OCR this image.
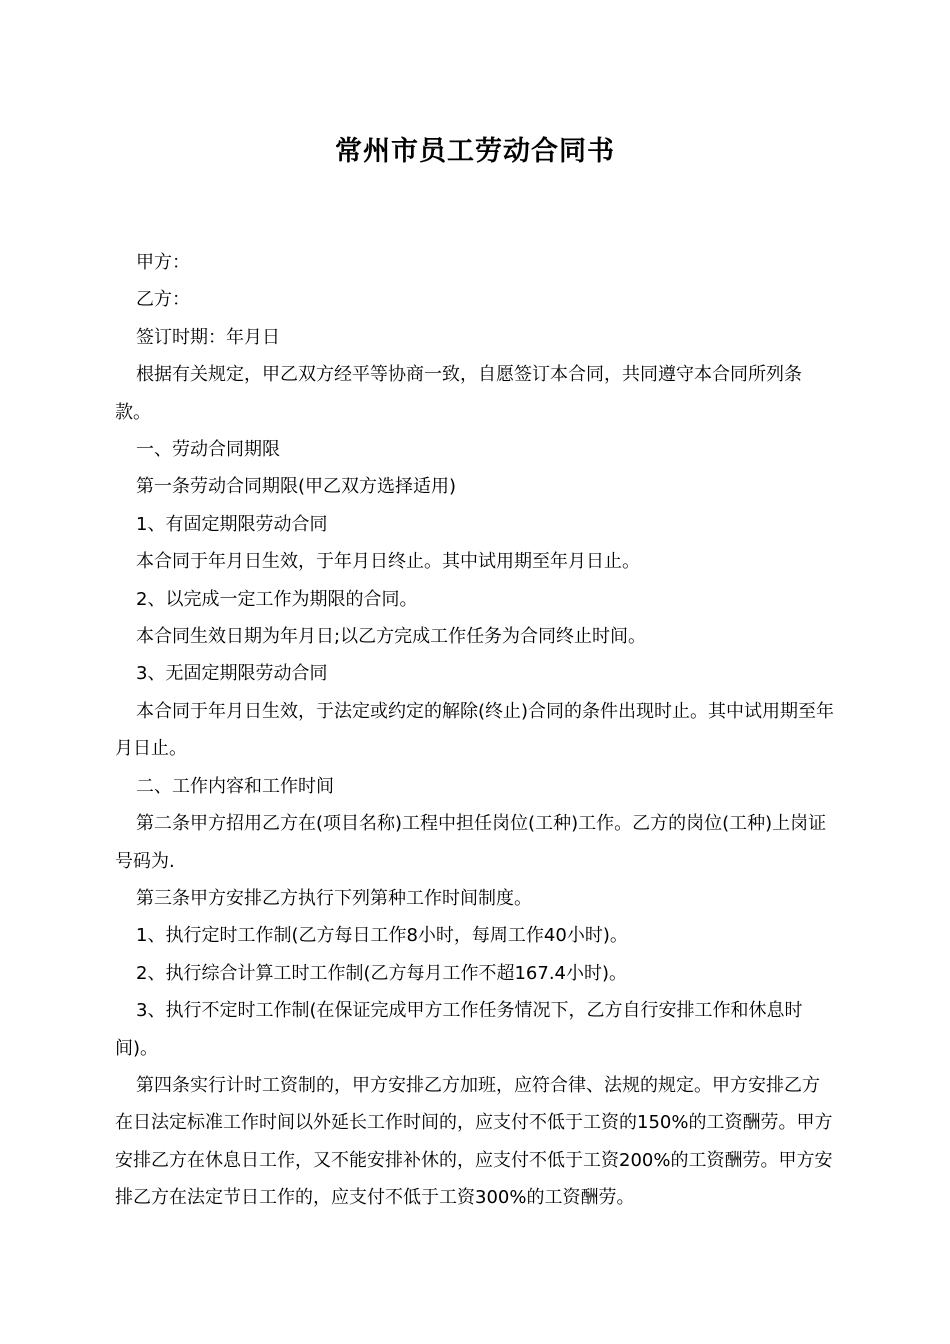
常州市员工劳动合同书

甲方：

乙方：

签订时期：年月日

根据有关规定，甲乙双方经平等协商一致，自愿签订本合同，共同遵守本合同所列条款。

一、劳动合同期限

第一条劳动合同期限(甲乙双方选择适用)

1、有固定期限劳动合同

本合同于年月日生效，于年月日终止。其中试用期至年月日止。

2、以完成一定工作为期限的合同。

本合同生效日期为年月日;以乙方完成工作任务为合同终止时间。

3、无固定期限劳动合同

本合同于年月日生效，于法定或约定的解除(终止)合同的条件出现时止。其中试用期至年月日止。

二、工作内容和工作时间

第二条甲方招用乙方在(项目名称)工程中担任岗位(工种)工作。乙方的岗位(工种)上岗证号码为.

第三条甲方安排乙方执行下列第种工作时间制度。

1、执行定时工作制(乙方每日工作8小时，每周工作40小时)。

2、执行综合计算工时工作制(乙方每月工作不超167.4小时)。

3、执行不定时工作制(在保证完成甲方工作任务情况下，乙方自行安排工作和休息时间)。

第四条实行计时工资制的，甲方安排乙方加班，应符合律、法规的规定。甲方安排乙方在日法定标准工作时间以外延长工作时间的，应支付不低于工资的150%的工资酬劳。甲方安排乙方在休息日工作，又不能安排补休的，应支付不低于工资200%的工资酬劳。甲方安排乙方在法定节日工作的，应支付不低于工资300%的工资酬劳。
